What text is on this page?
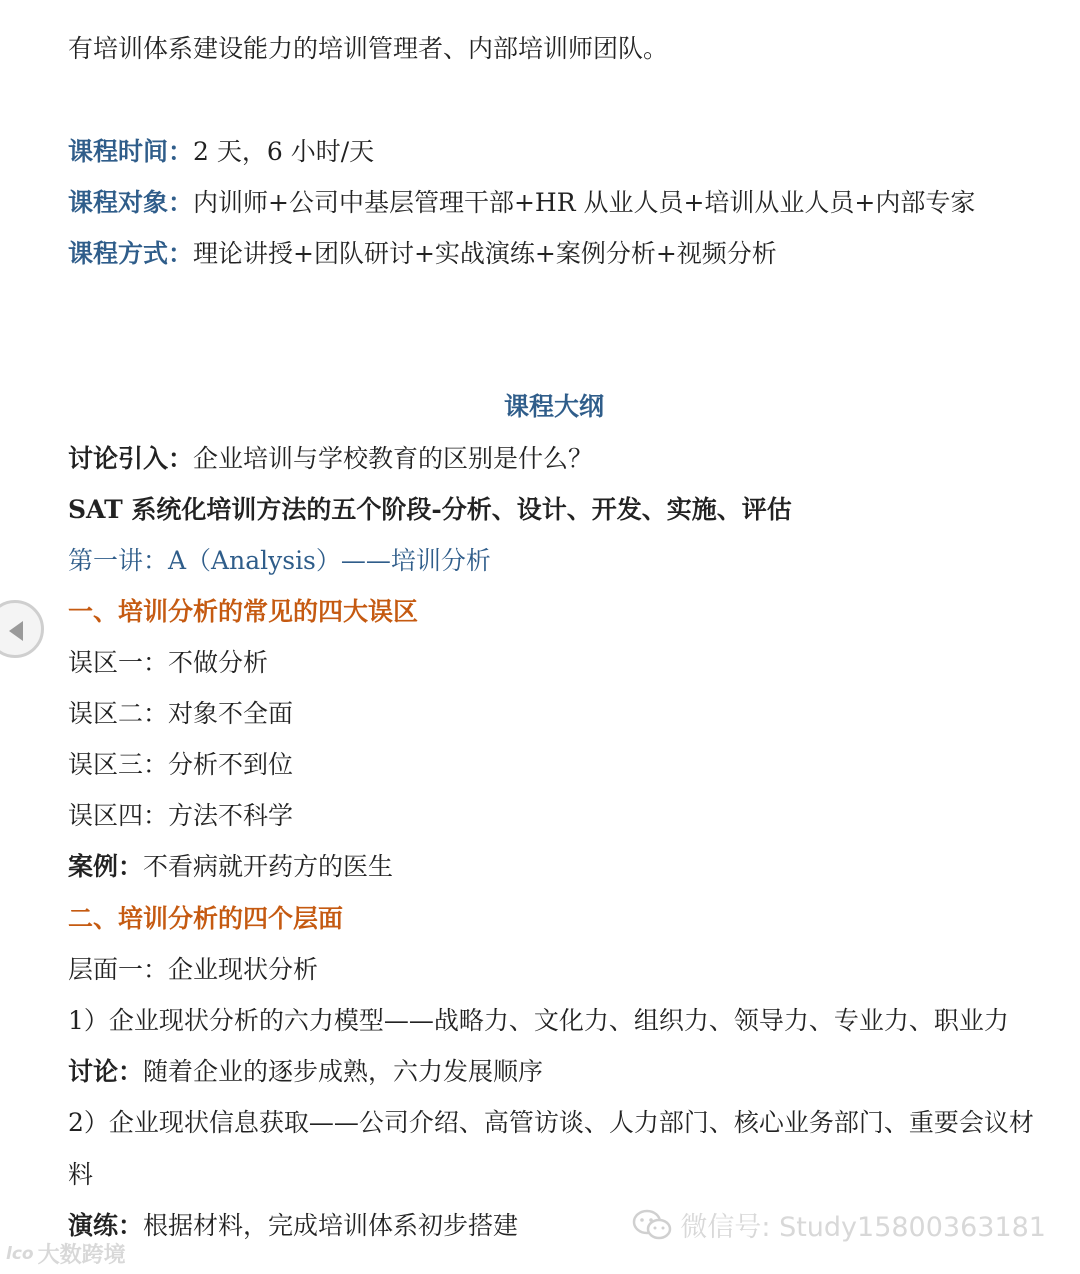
有培训体系建设能力的培训管理者、内部培训师团队。
课程时间：2 天，6 小时/天
课程对象：内训师+公司中基层管理干部+HR 从业人员+培训从业人员+内部专家
课程方式：理论讲授+团队研讨+实战演练+案例分析+视频分析
课程大纲
讨论引入：企业培训与学校教育的区别是什么？
SAT 系统化培训方法的五个阶段-分析、设计、开发、实施、评估
第一讲：A（Analysis）——培训分析
一、培训分析的常见的四大误区
误区一：不做分析
误区二：对象不全面
误区三：分析不到位
误区四：方法不科学
案例：不看病就开药方的医生
二、培训分析的四个层面
层面一：企业现状分析
1）企业现状分析的六力模型——战略力、文化力、组织力、领导力、专业力、职业力
讨论：随着企业的逐步成熟，六力发展顺序
2）企业现状信息获取——公司介绍、高管访谈、人力部门、核心业务部门、重要会议材
料
演练：根据材料，完成培训体系初步搭建	微信号: Study15800363181
lco 大数跨境
